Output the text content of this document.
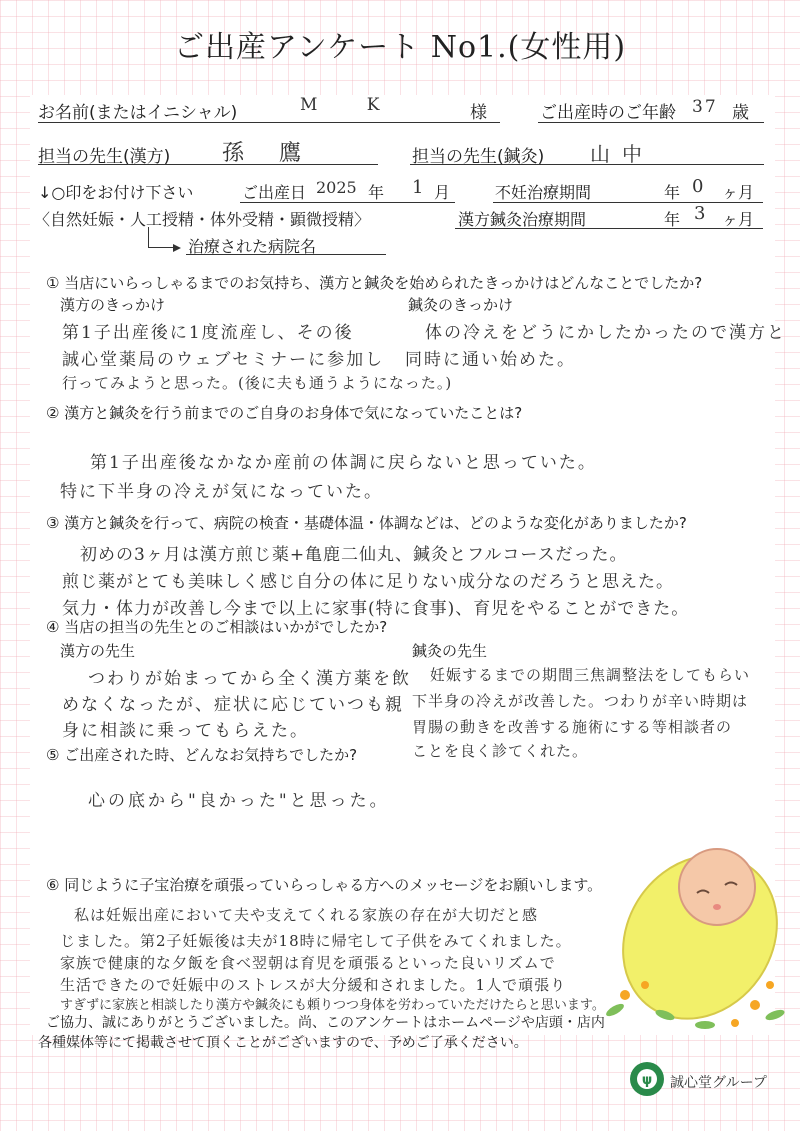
ご出産アンケート No1.(女性用)
お名前(またはイニシャル)	M K	様	ご出産時のご年齢 37 歳
担当の先生(漢方) 孫 鷹	担当の先生(鍼灸) 山中
↓○印をお付け下さい	ご出産日 2025 年 1 月	不妊治療期間	年 0 ヶ月
〈自然妊娠・人工授精・体外受精・顕微授精〉	漢方鍼灸治療期間	年 3 ヶ月
治療された病院名
① 当店にいらっしゃるまでのお気持ち、漢方と鍼灸を始められたきっかけはどんなことでしたか?
漢方のきっかけ
第1子出産後に1度流産し、その後
誠心堂薬局のウェブセミナーに参加し
行ってみようと思った。(後に夫も通うようになった。)
鍼灸のきっかけ
体の冷えをどうにかしたかったので漢方と
同時に通い始めた。
② 漢方と鍼灸を行う前までのご自身のお身体で気になっていたことは?
第1子出産後なかなか産前の体調に戻らないと思っていた。
特に下半身の冷えが気になっていた。
③ 漢方と鍼灸を行って、病院の検査・基礎体温・体調などは、どのような変化がありましたか?
初めの3ヶ月は漢方煎じ薬+亀鹿二仙丸、鍼灸とフルコースだった。
煎じ薬がとても美味しく感じ自分の体に足りない成分なのだろうと思えた。
気力・体力が改善し今まで以上に家事(特に食事)、育児をやることができた。
④ 当店の担当の先生とのご相談はいかがでしたか?
漢方の先生
つわりが始まってから全く漢方薬を飲
めなくなったが、症状に応じていつも親
身に相談に乗ってもらえた。
鍼灸の先生
妊娠するまでの期間三焦調整法をしてもらい
下半身の冷えが改善した。つわりが辛い時期は
胃腸の動きを改善する施術にする等相談者の
ことを良く診てくれた。
⑤ ご出産された時、どんなお気持ちでしたか?
心の底から"良かった"と思った。
⑥ 同じように子宝治療を頑張っていらっしゃる方へのメッセージをお願いします。
私は妊娠出産において夫や支えてくれる家族の存在が大切だと感
じました。第2子妊娠後は夫が18時に帰宅して子供をみてくれました。
家族で健康的な夕飯を食べ翌朝は育児を頑張るといった良いリズムで
生活できたので妊娠中のストレスが大分緩和されました。1人で頑張り
すぎずに家族と相談したり漢方や鍼灸にも頼りつつ身体を労わっていただけたらと思います。
ご協力、誠にありがとうございました。尚、このアンケートはホームページや店頭・店内
各種媒体等にて掲載させて頂くことがございますので、予めご了承ください。
ψ 誠心堂グループ
